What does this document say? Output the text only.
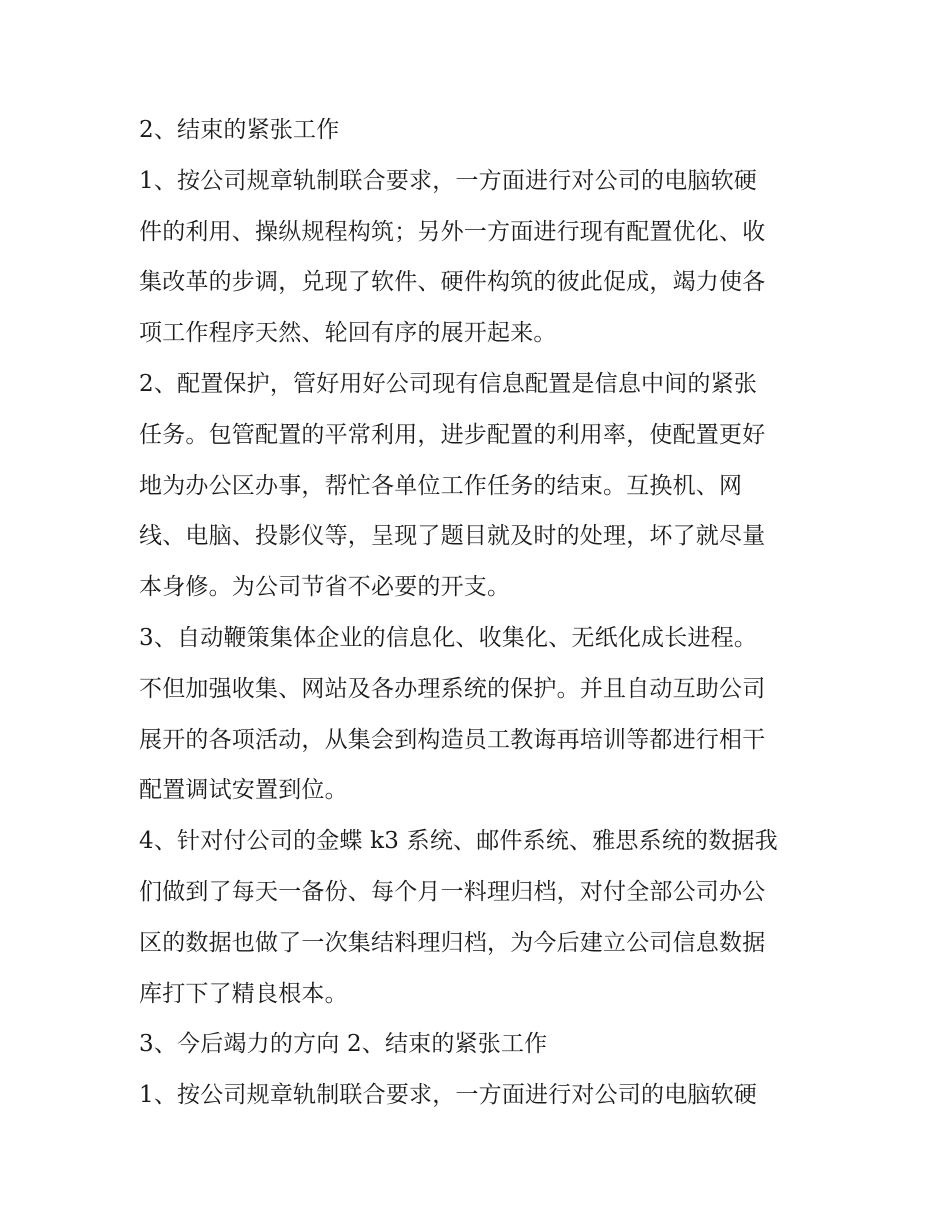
2、结束的紧张工作
1、按公司规章轨制联合要求，一方面进行对公司的电脑软硬
件的利用、操纵规程构筑；另外一方面进行现有配置优化、收
集改革的步调，兑现了软件、硬件构筑的彼此促成，竭力使各
项工作程序天然、轮回有序的展开起来。
2、配置保护，管好用好公司现有信息配置是信息中间的紧张
任务。包管配置的平常利用，进步配置的利用率，使配置更好
地为办公区办事，帮忙各单位工作任务的结束。互换机、网
线、电脑、投影仪等，呈现了题目就及时的处理，坏了就尽量
本身修。为公司节省不必要的开支。
3、自动鞭策集体企业的信息化、收集化、无纸化成长进程。
不但加强收集、网站及各办理系统的保护。并且自动互助公司
展开的各项活动，从集会到构造员工教诲再培训等都进行相干
配置调试安置到位。
4、针对付公司的金蝶 k3 系统、邮件系统、雅思系统的数据我
们做到了每天一备份、每个月一料理归档，对付全部公司办公
区的数据也做了一次集结料理归档，为今后建立公司信息数据
库打下了精良根本。
3、今后竭力的方向 2、结束的紧张工作
1、按公司规章轨制联合要求，一方面进行对公司的电脑软硬
